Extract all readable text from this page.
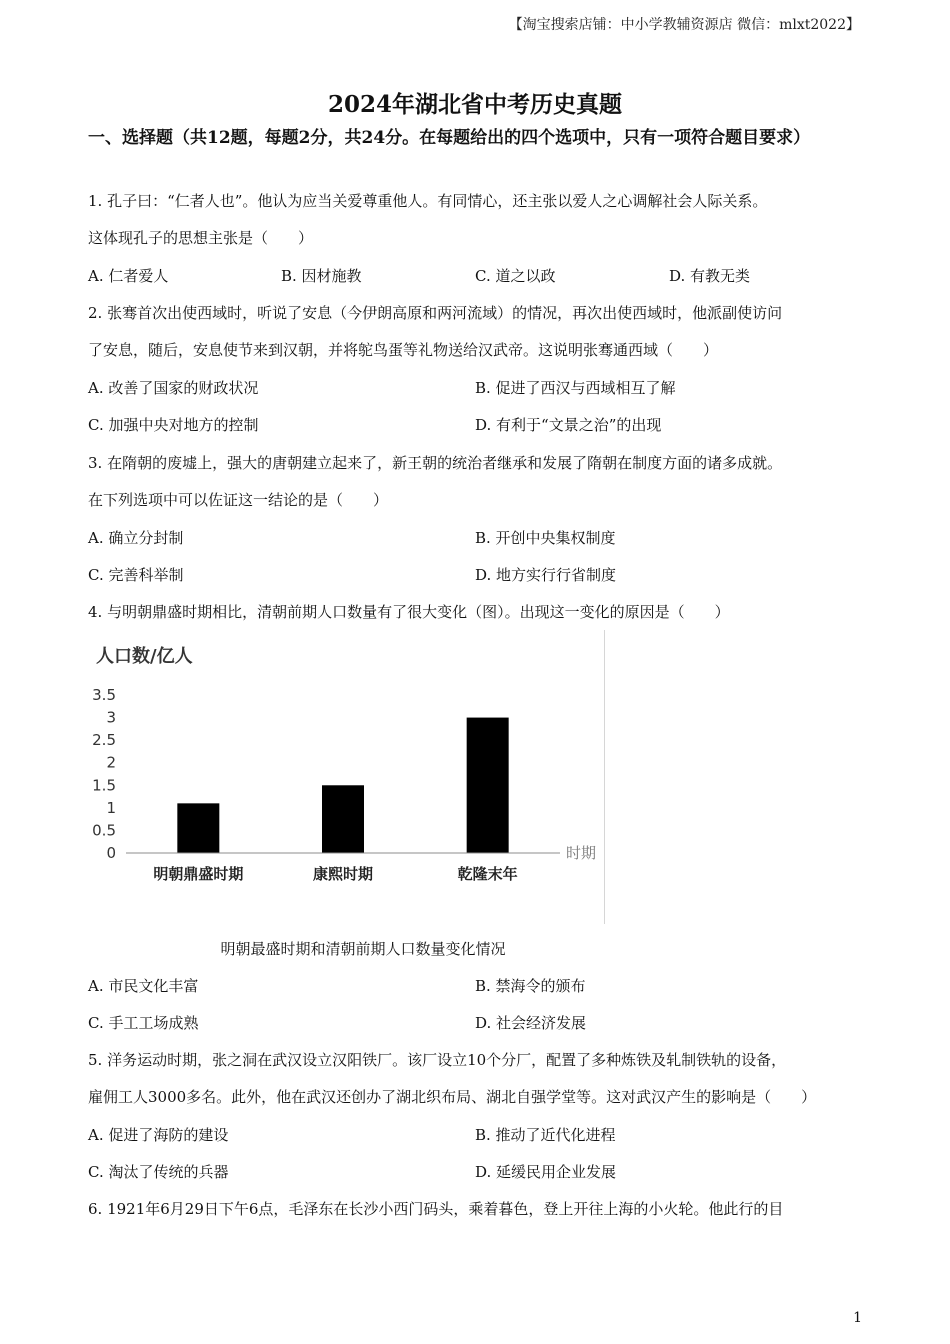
【淘宝搜索店铺：中小学教辅资源店 微信：mlxt2022】
2024年湖北省中考历史真题
一、选择题（共12题，每题2分，共24分。在每题给出的四个选项中，只有一项符合题目要求）
1. 孔子曰：“仁者人也”。他认为应当关爱尊重他人。有同情心，还主张以爱人之心调解社会人际关系。
这体现孔子的思想主张是（　　）
A. 仁者爱人	B. 因材施教	C. 道之以政	D. 有教无类
2. 张骞首次出使西域时，听说了安息（今伊朗高原和两河流域）的情况，再次出使西域时，他派副使访问
了安息，随后，安息使节来到汉朝，并将鸵鸟蛋等礼物送给汉武帝。这说明张骞通西域（　　）
A. 改善了国家的财政状况	B. 促进了西汉与西域相互了解
C. 加强中央对地方的控制	D. 有利于“文景之治”的出现
3. 在隋朝的废墟上，强大的唐朝建立起来了，新王朝的统治者继承和发展了隋朝在制度方面的诸多成就。
在下列选项中可以佐证这一结论的是（　　）
A. 确立分封制	B. 开创中央集权制度
C. 完善科举制	D. 地方实行行省制度
4. 与明朝鼎盛时期相比，清朝前期人口数量有了很大变化（图）。出现这一变化的原因是（　　）
人口数/亿人
0
0.5
1
1.5
2
2.5
3
3.5
明朝鼎盛时期	康熙时期	乾隆末年
时期
明朝最盛时期和清朝前期人口数量变化情况
A. 市民文化丰富	B. 禁海令的颁布
C. 手工工场成熟	D. 社会经济发展
5. 洋务运动时期，张之洞在武汉设立汉阳铁厂。该厂设立10个分厂，配置了多种炼铁及轧制铁轨的设备，
雇佣工人3000多名。此外，他在武汉还创办了湖北织布局、湖北自强学堂等。这对武汉产生的影响是（　　）
A. 促进了海防的建设	B. 推动了近代化进程
C. 淘汰了传统的兵器	D. 延缓民用企业发展
6. 1921年6月29日下午6点，毛泽东在长沙小西门码头，乘着暮色，登上开往上海的小火轮。他此行的目
1
